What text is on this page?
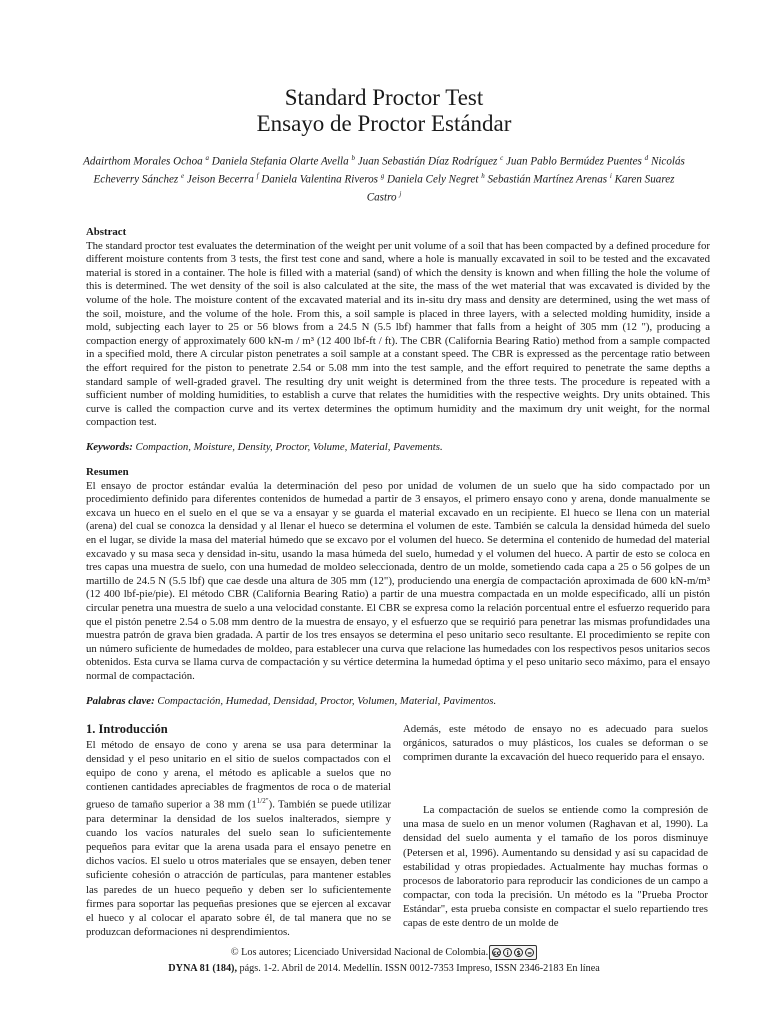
Standard Proctor Test
Ensayo de Proctor Estándar
Adairthom Morales Ochoa $^a$ Daniela Stefania Olarte Avella $^b$ Juan Sebastián Díaz Rodríguez $^c$ Juan Pablo Bermúdez Puentes $^d$ Nicolás Echeverry Sánchez $^e$ Jeison Becerra $^f$ Daniela Valentina Riveros $^g$ Daniela Cely Negret $^h$ Sebastián Martínez Arenas $^i$ Karen Suarez Castro $^j$
Abstract
The standard proctor test evaluates the determination of the weight per unit volume of a soil that has been compacted by a defined procedure for different moisture contents from 3 tests, the first test cone and sand, where a hole is manually excavated in soil to be tested and the excavated material is stored in a container. The hole is filled with a material (sand) of which the density is known and when filling the hole the volume of this is determined. The wet density of the soil is also calculated at the site, the mass of the wet material that was excavated is divided by the volume of the hole. The moisture content of the excavated material and its in-situ dry mass and density are determined, using the wet mass of the soil, moisture, and the volume of the hole. From this, a soil sample is placed in three layers, with a selected molding humidity, inside a mold, subjecting each layer to 25 or 56 blows from a 24.5 N (5.5 lbf) hammer that falls from a height of 305 mm (12 "), producing a compaction energy of approximately 600 kN-m / m³ (12 400 lbf-ft / ft). The CBR (California Bearing Ratio) method from a sample compacted in a specified mold, there A circular piston penetrates a soil sample at a constant speed. The CBR is expressed as the percentage ratio between the effort required for the piston to penetrate 2.54 or 5.08 mm into the test sample, and the effort required to penetrate the same depths a standard sample of well-graded gravel. The resulting dry unit weight is determined from the three tests. The procedure is repeated with a sufficient number of molding humidities, to establish a curve that relates the humidities with the respective weights. Dry units obtained. This curve is called the compaction curve and its vertex determines the optimum humidity and the maximum dry unit weight, for the normal compaction test.
Keywords: Compaction, Moisture, Density, Proctor, Volume, Material, Pavements.
Resumen
El ensayo de proctor estándar evalúa la determinación del peso por unidad de volumen de un suelo que ha sido compactado por un procedimiento definido para diferentes contenidos de humedad a partir de 3 ensayos, el primero ensayo cono y arena, donde manualmente se excava un hueco en el suelo en el que se va a ensayar y se guarda el material excavado en un recipiente. El hueco se llena con un material (arena) del cual se conozca la densidad y al llenar el hueco se determina el volumen de este. También se calcula la densidad húmeda del suelo en el lugar, se divide la masa del material húmedo que se excavo por el volumen del hueco. Se determina el contenido de humedad del material excavado y su masa seca y densidad in-situ, usando la masa húmeda del suelo, humedad y el volumen del hueco. A partir de esto se coloca en tres capas una muestra de suelo, con una humedad de moldeo seleccionada, dentro de un molde, sometiendo cada capa a 25 o 56 golpes de un martillo de 24.5 N (5.5 lbf) que cae desde una altura de 305 mm (12"), produciendo una energía de compactación aproximada de 600 kN-m/m³ (12 400 lbf-pie/pie). El método CBR (California Bearing Ratio) a partir de una muestra compactada en un molde especificado, allí un pistón circular penetra una muestra de suelo a una velocidad constante. El CBR se expresa como la relación porcentual entre el esfuerzo requerido para que el pistón penetre 2.54 o 5.08 mm dentro de la muestra de ensayo, y el esfuerzo que se requirió para penetrar las mismas profundidades una muestra patrón de grava bien gradada. A partir de los tres ensayos se determina el peso unitario seco resultante. El procedimiento se repite con un número suficiente de humedades de moldeo, para establecer una curva que relacione las humedades con los respectivos pesos unitarios secos obtenidos. Esta curva se llama curva de compactación y su vértice determina la humedad óptima y el peso unitario seco máximo, para el ensayo normal de compactación.
Palabras clave: Compactación, Humedad, Densidad, Proctor, Volumen, Material, Pavimentos.
1. Introducción

El método de ensayo de cono y arena se usa para determinar la densidad y el peso unitario en el sitio de suelos compactados con el equipo de cono y arena, el método es aplicable a suelos que no contienen cantidades apreciables de fragmentos de roca o de material grueso de tamaño superior a 38 mm $(1^{1/2"})$. También se puede utilizar para determinar la densidad de los suelos inalterados, siempre y cuando los vacíos naturales del suelo sean lo suficientemente pequeños para evitar que la arena usada para el ensayo penetre en dichos vacíos. El suelo u otros materiales que se ensayen, deben tener suficiente cohesión o atracción de partículas, para mantener estables las paredes de un hueco pequeño y deben ser lo suficientemente firmes para soportar las pequeñas presiones que se ejercen al excavar el hueco y al colocar el aparato sobre él, de tal manera que no se produzcan deformaciones ni desprendimientos.

Además, este método de ensayo no es adecuado para suelos orgánicos, saturados o muy plásticos, los cuales se deforman o se comprimen durante la excavación del hueco requerido para el ensayo.

La compactación de suelos se entiende como la compresión de una masa de suelo en un menor volumen (Raghavan et al, 1990). La densidad del suelo aumenta y el tamaño de los poros disminuye (Petersen et al, 1996). Aumentando su densidad y así su capacidad de estabilidad y otras propiedades. Actualmente hay muchas formas o procesos de laboratorio para reproducir las condiciones de un campo a compactar, con toda la precisión. Un método es la "Prueba Proctor Estándar", esta prueba consiste en compactar el suelo repartiendo tres capas de este dentro de un molde de

© Los autores; Licenciado Universidad Nacional de Colombia. cc	i	$	=
DYNA 81 (184), págs. 1-2. Abril de 2014. Medellín. ISSN 0012-7353 Impreso, ISSN 2346-2183 En línea
